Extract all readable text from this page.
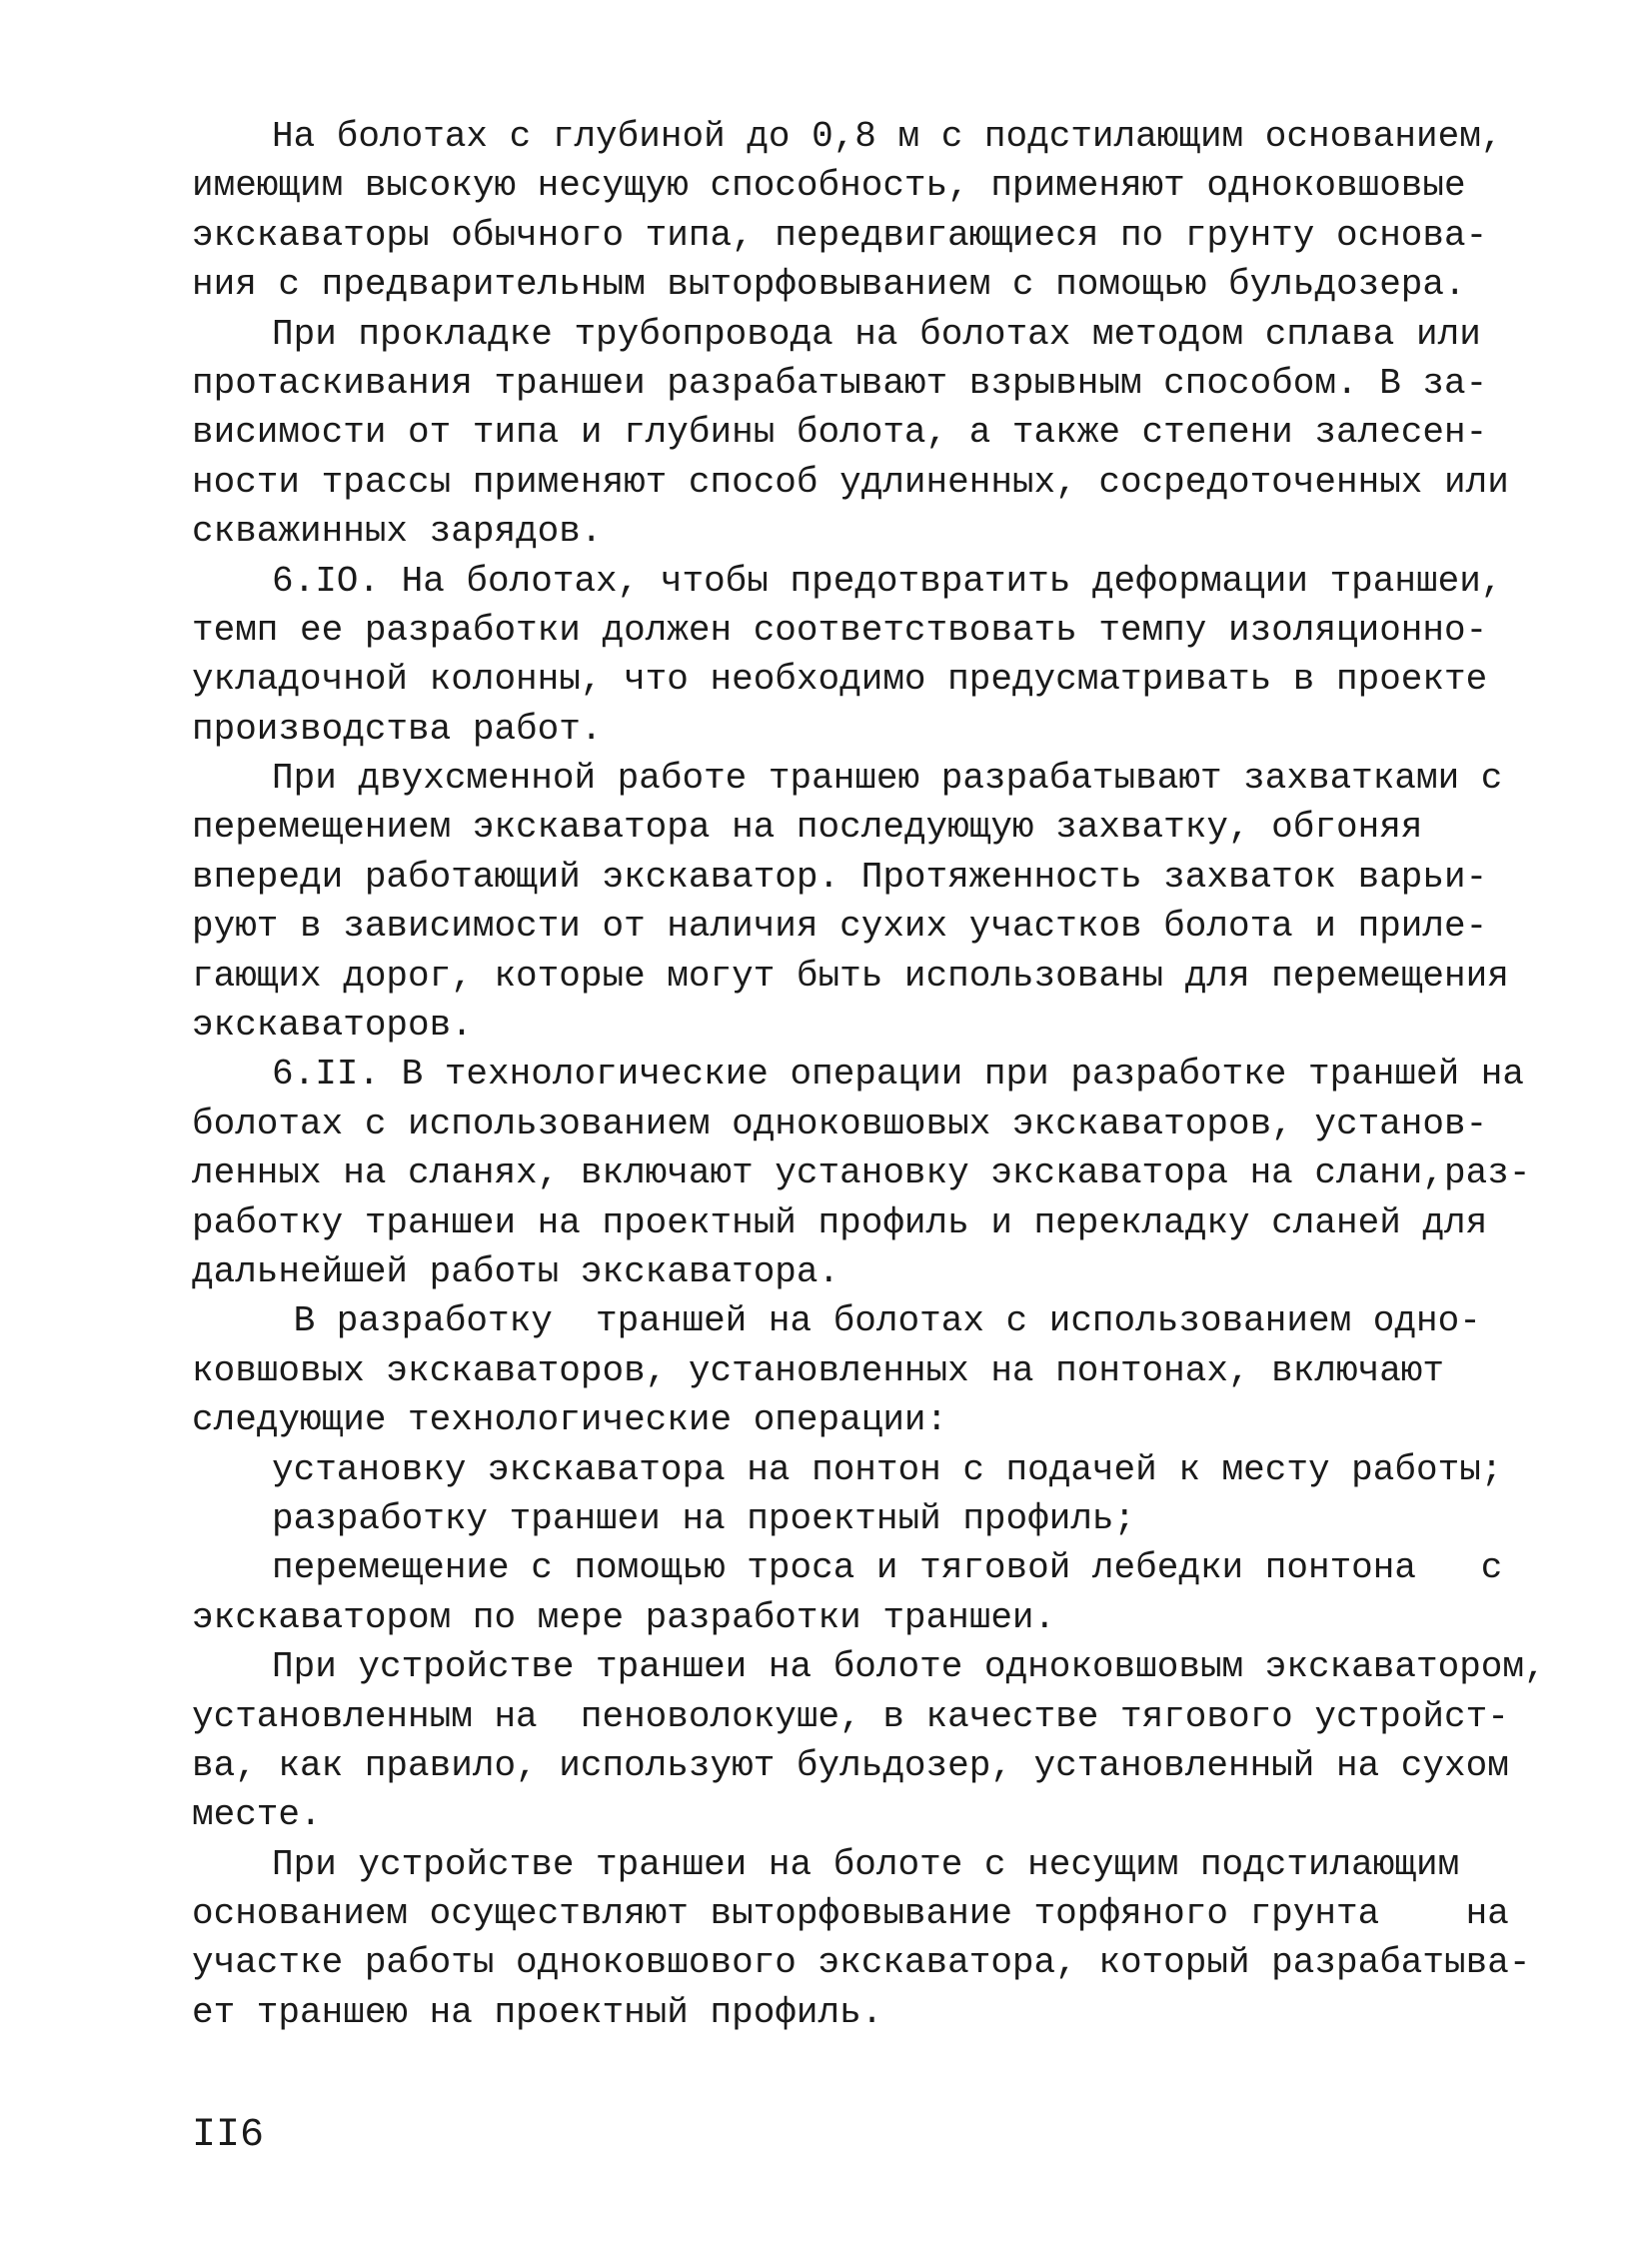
На болотах с глубиной до 0,8 м с подстилающим основанием,
имеющим высокую несущую способность, применяют одноковшовые
экскаваторы обычного типа, передвигающиеся по грунту основа-
ния с предварительным выторфовыванием с помощью бульдозера.
При прокладке трубопровода на болотах методом сплава или
протаскивания траншеи разрабатывают взрывным способом. В за-
висимости от типа и глубины болота, а также степени залесен-
ности трассы применяют способ удлиненных, сосредоточенных или
скважинных зарядов.
6.IO. На болотах, чтобы предотвратить деформации траншеи,
темп ее разработки должен соответствовать темпу изоляционно-
укладочной колонны, что необходимо предусматривать в проекте
производства работ.
При двухсменной работе траншею разрабатывают захватками с
перемещением экскаватора на последующую захватку, обгоняя
впереди работающий экскаватор. Протяженность захваток варьи-
руют в зависимости от наличия сухих участков болота и приле-
гающих дорог, которые могут быть использованы для перемещения
экскаваторов.
6.II. В технологические операции при разработке траншей на
болотах с использованием одноковшовых экскаваторов, установ-
ленных на сланях, включают установку экскаватора на слани,раз-
работку траншеи на проектный профиль и перекладку сланей для
дальнейшей работы экскаватора.
В разработку  траншей на болотах с использованием одно-
ковшовых экскаваторов, установленных на понтонах, включают
следующие технологические операции:
установку экскаватора на понтон с подачей к месту работы;
разработку траншеи на проектный профиль;
перемещение с помощью троса и тяговой лебедки понтона   с
экскаватором по мере разработки траншеи.
При устройстве траншеи на болоте одноковшовым экскаватором,
установленным на  пеноволокуше, в качестве тягового устройст-
ва, как правило, используют бульдозер, установленный на сухом
месте.
При устройстве траншеи на болоте с несущим подстилающим
основанием осуществляют выторфовывание торфяного грунта    на
участке работы одноковшового экскаватора, который разрабатыва-
ет траншею на проектный профиль.
II6
